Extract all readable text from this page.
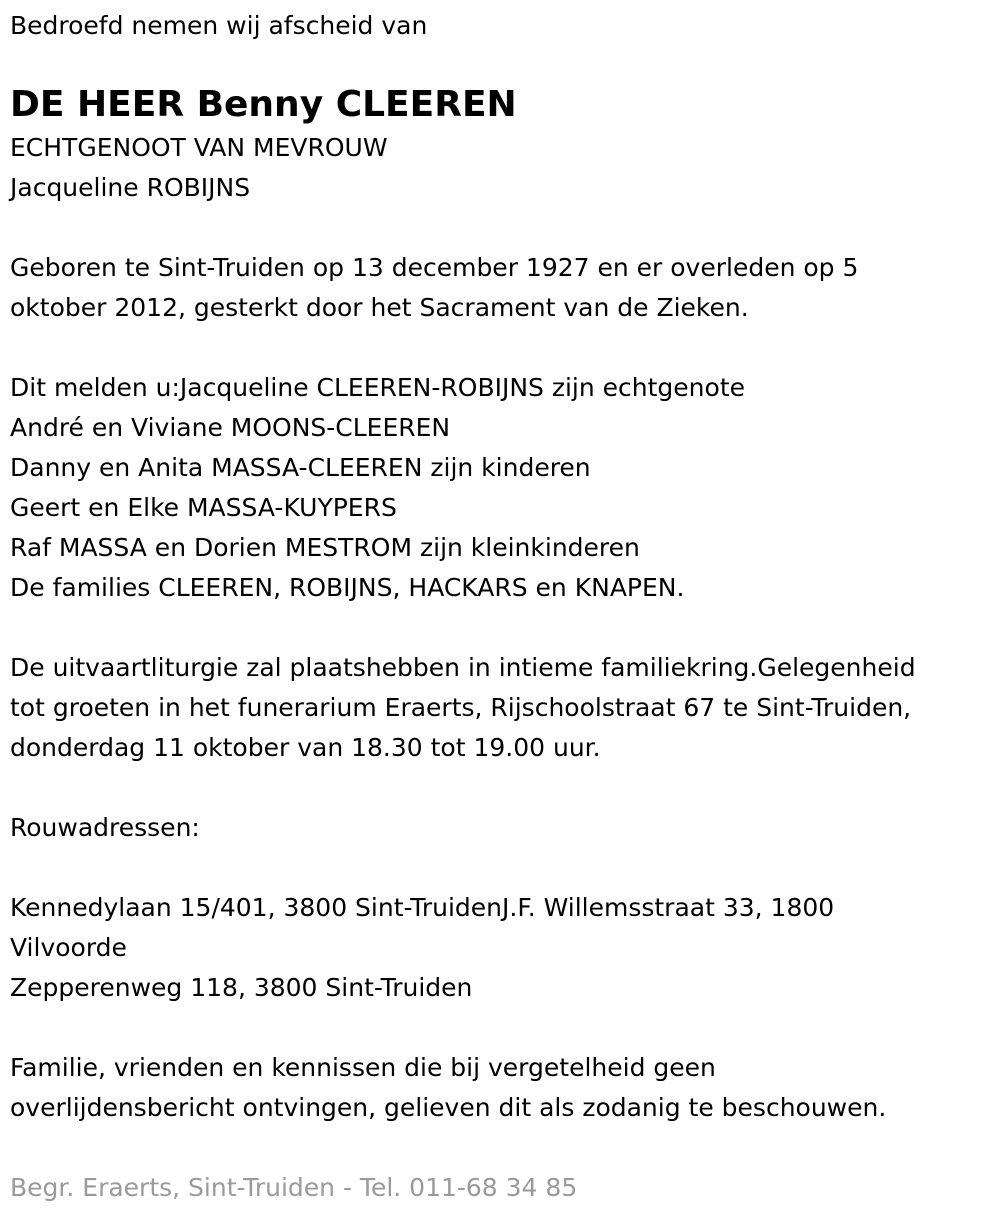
Bedroefd nemen wij afscheid van
DE HEER Benny CLEEREN
ECHTGENOOT VAN MEVROUW
Jacqueline ROBIJNS
Geboren te Sint-Truiden op 13 december 1927 en er overleden op 5
oktober 2012, gesterkt door het Sacrament van de Zieken.
Dit melden u:Jacqueline CLEEREN-ROBIJNS zijn echtgenote
André en Viviane MOONS-CLEEREN
Danny en Anita MASSA-CLEEREN zijn kinderen
Geert en Elke MASSA-KUYPERS
Raf MASSA en Dorien MESTROM zijn kleinkinderen
De families CLEEREN, ROBIJNS, HACKARS en KNAPEN.
De uitvaartliturgie zal plaatshebben in intieme familiekring.Gelegenheid
tot groeten in het funerarium Eraerts, Rijschoolstraat 67 te Sint-Truiden,
donderdag 11 oktober van 18.30 tot 19.00 uur.
Rouwadressen:
Kennedylaan 15/401, 3800 Sint-TruidenJ.F. Willemsstraat 33, 1800
Vilvoorde
Zepperenweg 118, 3800 Sint-Truiden
Familie, vrienden en kennissen die bij vergetelheid geen
overlijdensbericht ontvingen, gelieven dit als zodanig te beschouwen.
Begr. Eraerts, Sint-Truiden - Tel. 011-68 34 85
